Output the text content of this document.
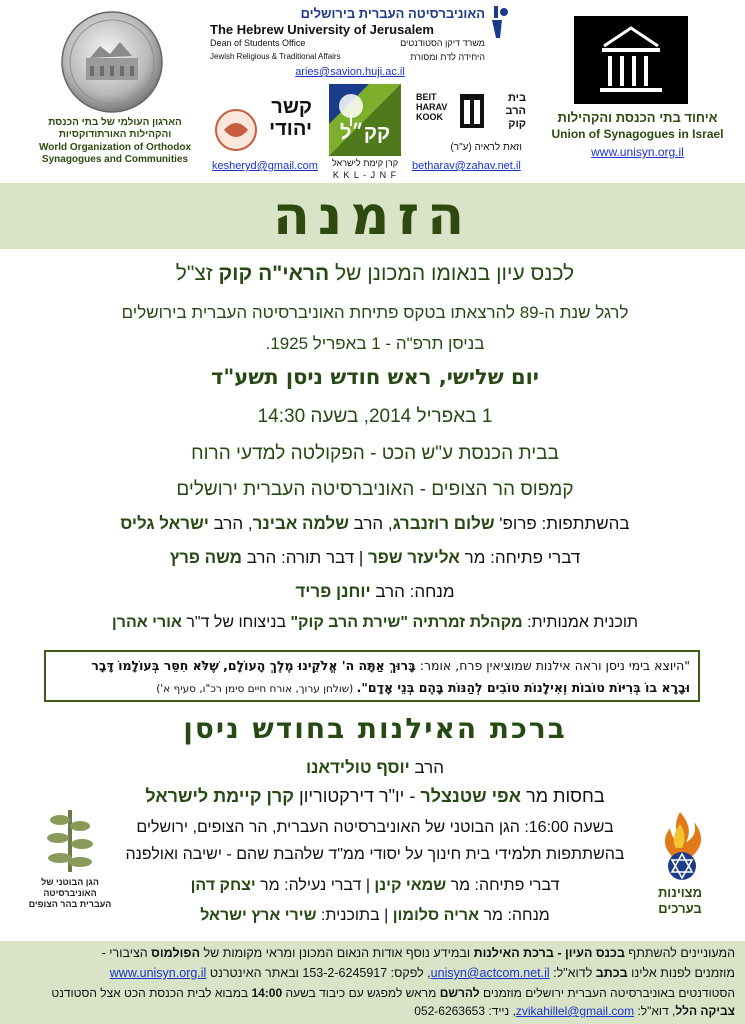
הארגון העולמי של בתי הכנסת
והקהילות האורתודוקסיות
World Organization of Orthodox
Synagogues and Communities
האוניברסיטה העברית בירושלים
The Hebrew University of Jerusalem
Dean of Students Office	משרד דיקן הסטודנטים
Jewish Religious & Traditional Affairs	היחידה לדת ומסורת
aries@savion.huji.ac.il
איחוד בתי הכנסת והקהילות
Union of Synagogues in Israel
www.unisyn.org.il
קשר יהודי
kesheryd@gmail.com
קק״ל
קרן קימת לישראל
K K L - J N F
BEIT HARAV KOOK
בית הרב קוק
וזאת לראיה (ע"ר)
betharav@zahav.net.il
הזמנה
לכנס עיון בנאומו המכונן של הראי"ה קוק זצ"ל
לרגל שנת ה-89 להרצאתו בטקס פתיחת האוניברסיטה העברית בירושלים
בניסן תרפ"ה - 1 באפריל 1925.
יום שלישי, ראש חודש ניסן תשע"ד
1 באפריל 2014, בשעה 14:30
בבית הכנסת ע"ש הכט - הפקולטה למדעי הרוח
קמפוס הר הצופים - האוניברסיטה העברית ירושלים
בהשתתפות: פרופ' שלום רוזנברג, הרב שלמה אבינר, הרב ישראל גליס
דברי פתיחה: מר אליעזר שפר | דבר תורה: הרב משה פרץ
מנחה: הרב יוחנן פריד
תוכנית אמנותית: מקהלת זמרתיה "שירת הרב קוק" בניצוחו של ד"ר אורי אהרן
"היוצא בימי ניסן וראה אילנות שמוציאין פרח, אומר: בָּרוּךְ אַתָּה ה' אֱלֹקֵינוּ מֶלֶךְ הָעוֹלָם, שֶׁלֹּא חִסֵּר בְּעוֹלָמוֹ דָּבָר
וּבָרָא בוֹ בְּרִיּוֹת טוֹבוֹת וְאִילָנוֹת טוֹבִים לְהַנּוֹת בָּהֶם בְּנֵי אָדָם". (שולחן ערוך, אורח חיים סימן רכ"ו, סעיף א')
ברכת האילנות בחודש ניסן
הרב יוסף טולידאנו
בחסות מר אפי שטנצלר - יו"ר דירקטוריון קרן קיימת לישראל
בשעה 16:00: הגן הבוטני של האוניברסיטה העברית, הר הצופים, ירושלים
בהשתתפות תלמידי בית חינוך על יסודי ממ"ד שלהבת שהם - ישיבה ואולפנה
דברי פתיחה: מר שמאי קינן | דברי נעילה: מר יצחק דהן
מנחה: מר אריה סלומון | בתוכנית: שירי ארץ ישראל
הגן הבוטני של
האוניברסיטה
העברית בהר הצופים
מצוינות
בערכים
המעוניינים להשתתף בכנס העיון - ברכת האילנות ובמידע נוסף אודות הנאום המכונן ומראי מקומות של הפולמוס הציבורי -
מוזמנים לפנות אלינו בכתב לדוא"ל: unisyn@actcom.net.il, לפקס: 153-2-6245917 ובאתר האינטרנט www.unisyn.org.il
הסטודנטים באוניברסיטה העברית ירושלים מוזמנים להרשם מראש למפגש עם כיבוד בשעה 14:00 במבוא לבית הכנסת הכט אצל הסטודנט
צביקה הלל, דוא"ל: zvikahillel@gmail.com, נייד: 052-6263653
